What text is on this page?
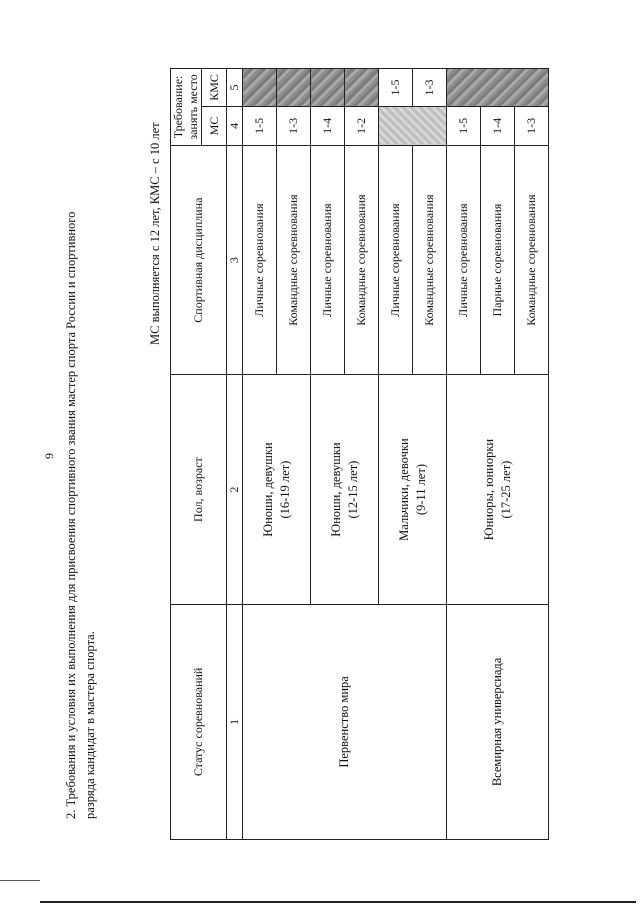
9 2. Требования и условия их выполнения для присвоения спортивного звания мастер спорта России и спортивного разряда кандидат в мастера спорта.
МС выполняется с 12 лет, КМС – с 10 лет
Статус соревнований	Пол, возраст	Спортивная дисциплина	Требование: занять место	
			МС	КМС
1	2	3	4	5
Первенство мира	Юноши, девушки (16-19 лет)	Личные соревнования	1-5	
		Командные соревнования	1-3	
	Юноши, девушки (12-15 лет)	Личные соревнования	1-4	
		Командные соревнования	1-2	
	Мальчики, девочки (9-11 лет)	Личные соревнования		1-5
		Командные соревнования		1-3
Всемирная универсиада	Юниоры, юниорки (17-25 лет)	Личные соревнования	1-5	
		Парные соревнования	1-4	
		Командные соревнования	1-3	
